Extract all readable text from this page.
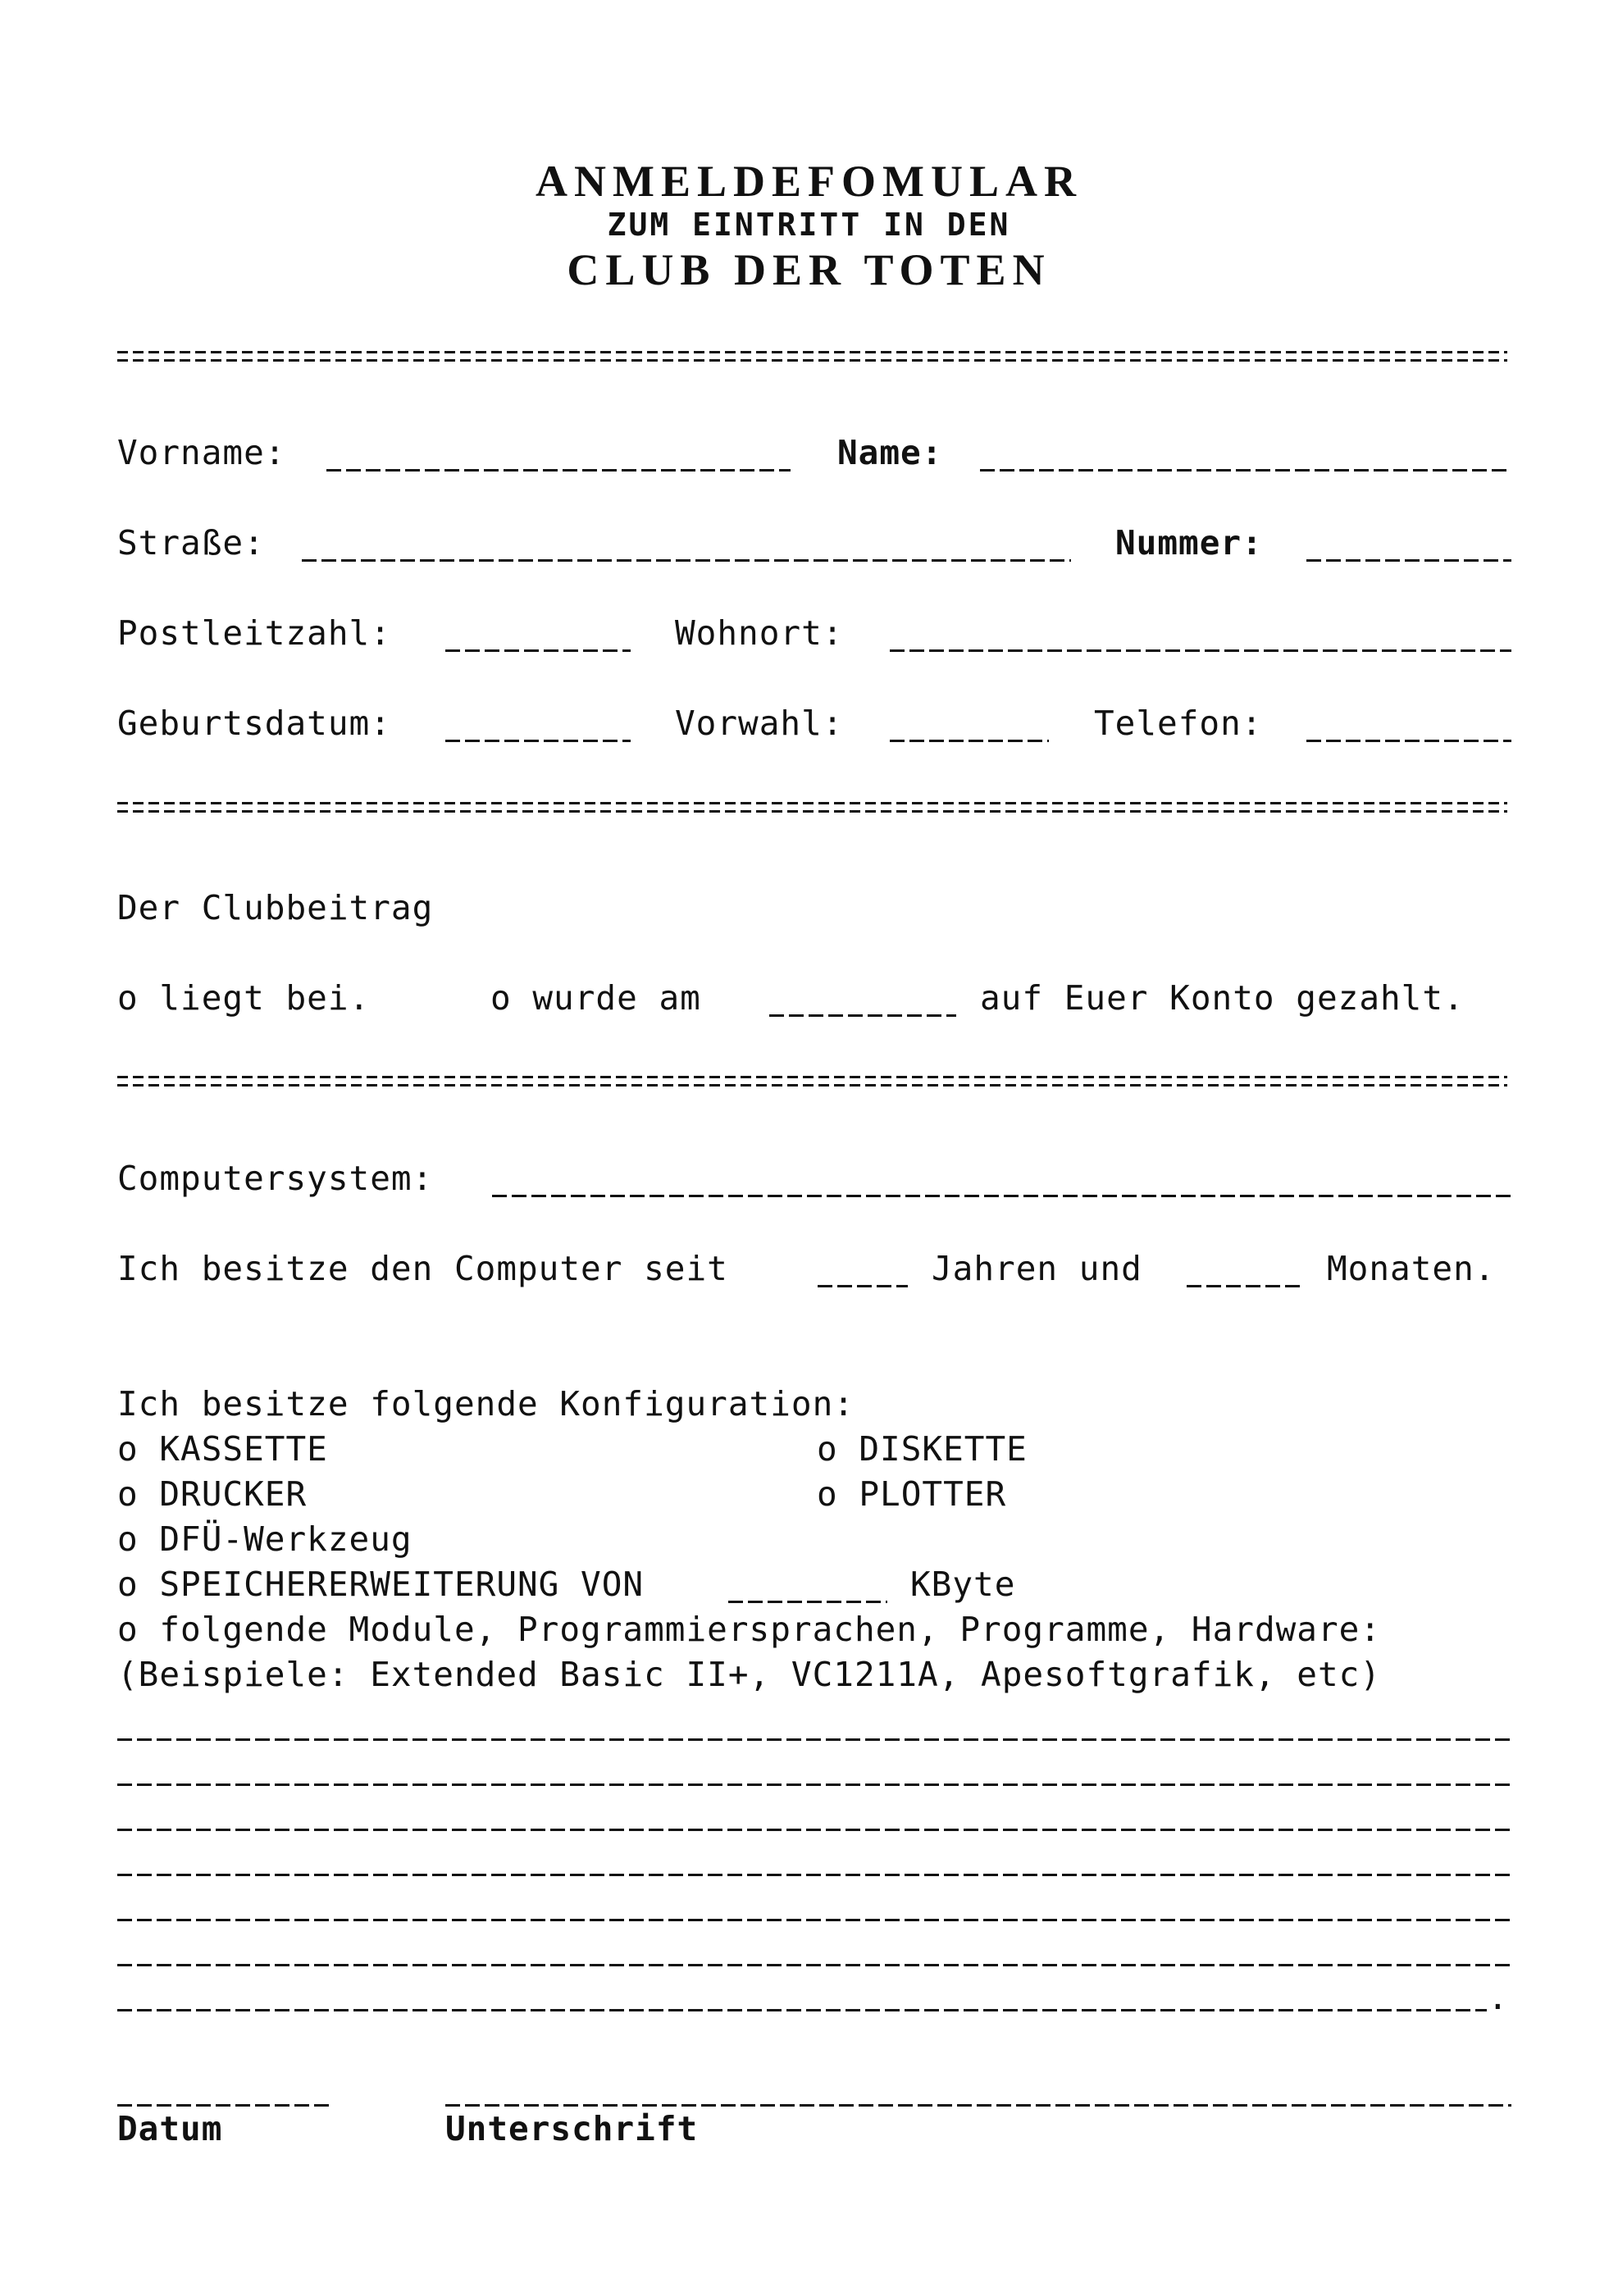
ANMELDEFOMULAR
ZUM EINTRITT IN DEN
CLUB DER TOTEN
Vorname:	Name:
Straße:	Nummer:
Postleitzahl:	Wohnort:
Geburtsdatum:	Vorwahl:	Telefon:
Der Clubbeitrag
o liegt bei.	o wurde am	auf Euer Konto gezahlt.
Computersystem:
Ich besitze den Computer seit	Jahren und	Monaten.
Ich besitze folgende Konfiguration:
o KASSETTE	o DISKETTE
o DRUCKER	o PLOTTER
o DFÜ-Werkzeug
o SPEICHERERWEITERUNG VON	KByte
o folgende Module, Programmiersprachen, Programme, Hardware:
(Beispiele: Extended Basic II+, VC1211A, Apesoftgrafik, etc)
.
Datum	Unterschrift
